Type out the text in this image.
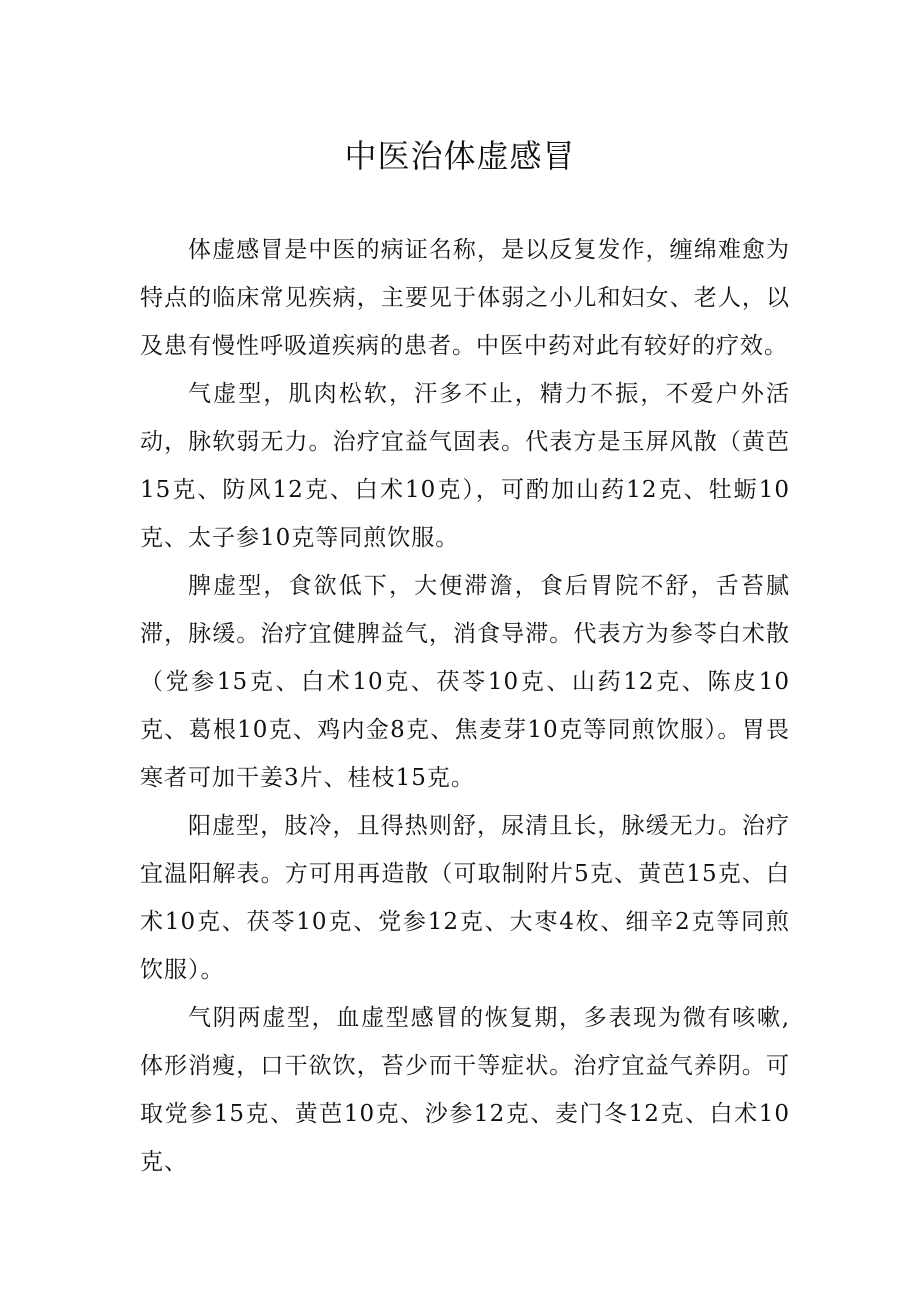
中医治体虚感冒

体虚感冒是中医的病证名称，是以反复发作，缠绵难愈为特点的临床常见疾病，主要见于体弱之小儿和妇女、老人，以及患有慢性呼吸道疾病的患者。中医中药对此有较好的疗效。

气虚型，肌肉松软，汗多不止，精力不振，不爱户外活动，脉软弱无力。治疗宜益气固表。代表方是玉屏风散（黄芭15克、防风12克、白术10克），可酌加山药12克、牡蛎10克、太子参10克等同煎饮服。

脾虚型，食欲低下，大便滞澹，食后胃院不舒，舌苔腻滞，脉缓。治疗宜健脾益气，消食导滞。代表方为参苓白术散（党参15克、白术10克、茯苓10克、山药12克、陈皮10克、葛根10克、鸡内金8克、焦麦芽10克等同煎饮服）。胃畏寒者可加干姜3片、桂枝15克。

阳虚型，肢冷，且得热则舒，尿清且长，脉缓无力。治疗宜温阳解表。方可用再造散（可取制附片5克、黄芭15克、白术10克、茯苓10克、党参12克、大枣4枚、细辛2克等同煎饮服）。

气阴两虚型，血虚型感冒的恢复期，多表现为微有咳嗽,体形消瘦，口干欲饮，苔少而干等症状。治疗宜益气养阴。可取党参15克、黄芭10克、沙参12克、麦门冬12克、白术10克、
